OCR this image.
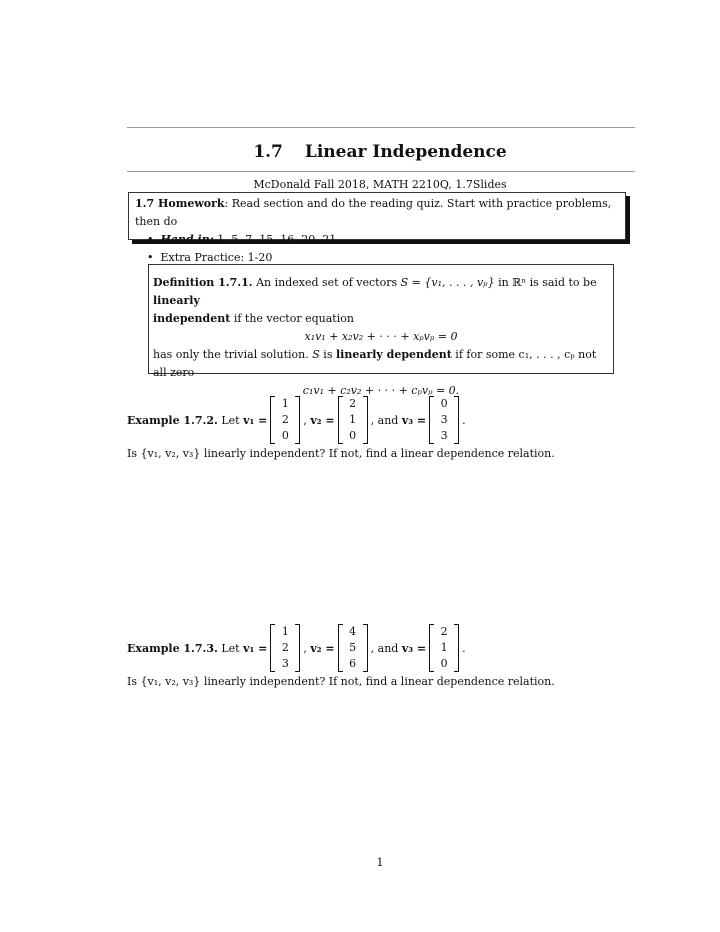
1.7 Linear Independence
McDonald Fall 2018, MATH 2210Q, 1.7Slides
1.7 Homework: Read section and do the reading quiz. Start with practice problems, then do
• Hand in: 1, 5, 7, 15, 16, 20, 21
• Extra Practice: 1-20
Definition 1.7.1. An indexed set of vectors S = {v₁, . . . , vₚ} in ℝⁿ is said to be linearly
independent if the vector equation
x₁v₁ + x₂v₂ + · · · + xₚvₚ = 0
has only the trivial solution. S is linearly dependent if for some c₁, . . . , cₚ not all zero
c₁v₁ + c₂v₂ + · · · + cₚvₚ = 0.
Example 1.7.2.
Let
v₁ =
1
2
0
, v₂ =
2
1
0
, and
v₃ =
0
3
3
.
Is {v₁, v₂, v₃} linearly independent? If not, find a linear dependence relation.
Example 1.7.3.
Let
v₁ =
1
2
3
, v₂ =
4
5
6
, and
v₃ =
2
1
0
.
Is {v₁, v₂, v₃} linearly independent? If not, find a linear dependence relation.
1
